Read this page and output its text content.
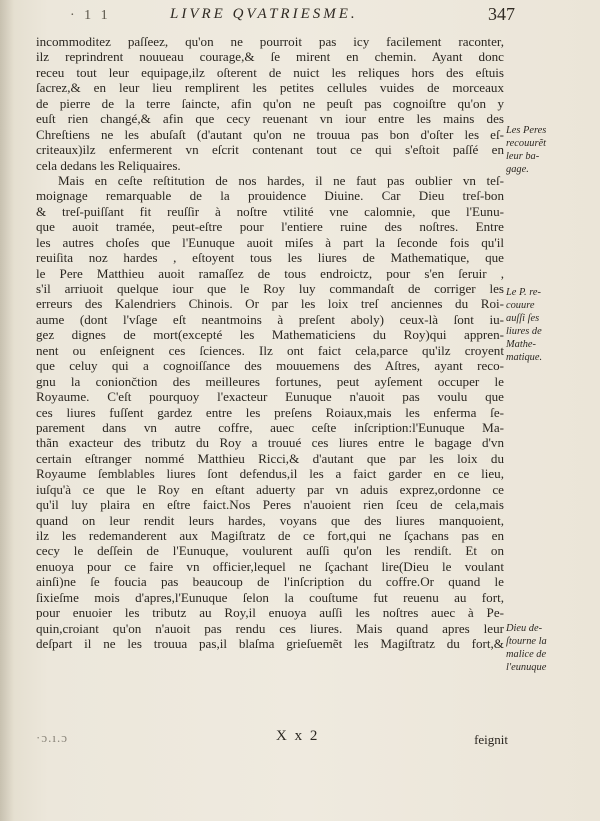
· 1 1	LIVRE QVATRIESME.	347
incommoditez paſſeez, qu'on ne pourroit pas icy facilement raconter,
ilz reprindrent nouueau courage,& ſe mirent en chemin. Ayant donc
receu tout leur equipage,ilz oſterent de nuict les reliques hors des eſtuis
ſacrez,& en leur lieu remplirent les petites cellules vuides de morceaux
de pierre de la terre ſaincte, afin qu'on ne peuſt pas cognoiſtre qu'on y
euſt rien changé,& afin que cecy reuenant vn iour entre les mains des
Chreſtiens ne les abuſaſt (d'autant qu'on ne trouua pas bon d'oſter les eſ-
criteaux)ilz enfermerent vn eſcrit contenant tout ce qui s'eſtoit paſſé en
cela dedans les Reliquaires.
Mais en ceſte reſtitution de nos hardes, il ne faut pas oublier vn teſ-
moignage remarquable de la prouidence Diuine. Car Dieu treſ-bon
& treſ-puiſſant fit reuſſir à noſtre vtilité vne calomnie, que l'Eunu-
que auoit tramée, peut-eſtre pour l'entiere ruine des noſtres. Entre
les autres choſes que l'Eunuque auoit miſes à part la ſeconde fois qu'il
reuiſita noz hardes , eſtoyent tous les liures de Mathematique, que
le Pere Matthieu auoit ramaſſez de tous endroictz, pour s'en ſeruir ,
s'il arriuoit quelque iour que le Roy luy commandaſt de corriger les
erreurs des Kalendriers Chinois. Or par les loix treſ anciennes du Roi-
aume (dont l'vſage eſt neantmoins à preſent aboly) ceux-là ſont iu-
gez dignes de mort(excepté les Mathematiciens du Roy)qui appren-
nent ou enſeignent ces ſciences. Ilz ont faict cela,parce qu'ilz croyent
que celuy qui a cognoiſſance des mouuemens des Aſtres, ayant reco-
gnu la coniončtion des meilleures fortunes, peut ayſement occuper le
Royaume. C'eſt pourquoy l'exacteur Eunuque n'auoit pas voulu que
ces liures fuſſent gardez entre les preſens Roiaux,mais les enferma ſe-
parement dans vn autre coffre, auec ceſte inſcription:l'Eunuque Ma-
thãn exacteur des tributz du Roy a trouué ces liures entre le bagage d'vn
certain eſtranger nommé Matthieu Ricci,& d'autant que par les loix du
Royaume ſemblables liures ſont defendus,il les a faict garder en ce lieu,
iuſqu'à ce que le Roy en eſtant aduerty par vn aduis exprez,ordonne ce
qu'il luy plaira en eſtre faict.Nos Peres n'auoient rien ſceu de cela,mais
quand on leur rendit leurs hardes, voyans que des liures manquoient,
ilz les redemanderent aux Magiſtratz de ce fort,qui ne ſçachans pas en
cecy le deſſein de l'Eunuque, voulurent auſſi qu'on les rendiſt. Et on
enuoya pour ce faire vn officier,lequel ne ſçachant lire(Dieu le voulant
ainſi)ne ſe foucia pas beaucoup de l'inſcription du coffre.Or quand le
ſixieſme mois d'apres,l'Eunuque ſelon la couſtume fut reuenu au fort,
pour enuoier les tributz au Roy,il enuoya auſſi les noſtres auec à Pe-
quin,croiant qu'on n'auoit pas rendu ces liures. Mais quand apres leur
deſpart il ne les trouua pas,il blaſma grieſuemẽt les Magiſtratz du fort,&
Les Peres
recouurẽt
leur ba-
gage.
Le P. re-
couure
auſſi ſes
liures de
Mathe-
matique.
Dieu de-
ſtourne la
malice de
l'eunuque
·ɔ.ı.ɔ	X x 2	feignit
